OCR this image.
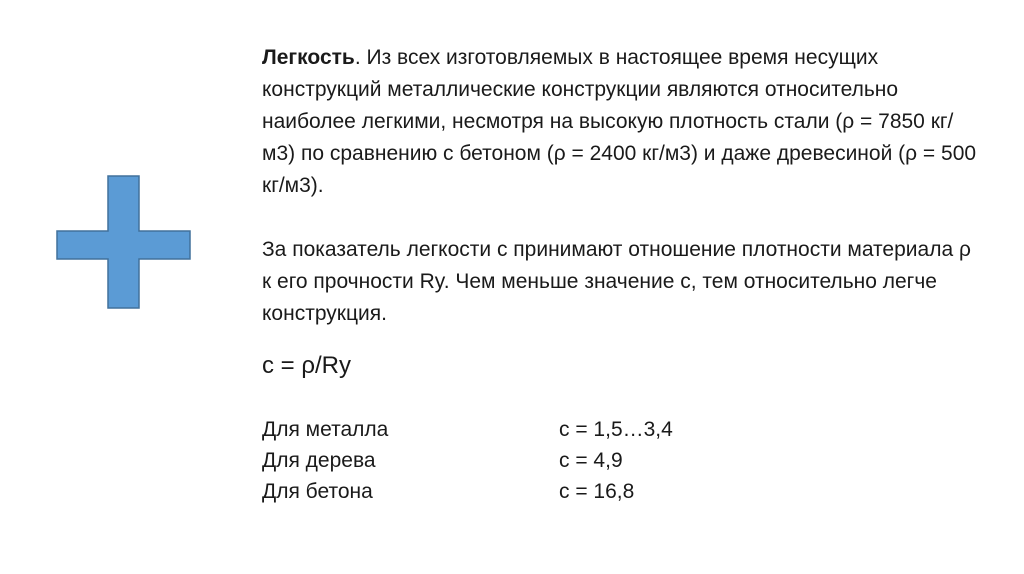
Легкость. Из всех изготовляемых в настоящее время несущих конструкций металлические конструкции являются относительно наиболее легкими, несмотря на высокую плотность стали (ρ = 7850 кг/м3) по сравнению с бетоном (ρ = 2400 кг/м3) и даже древесиной (ρ = 500 кг/м3).

За показатель легкости с принимают отношение плотности материала ρ к его прочности Ry. Чем меньше значение с, тем относительно легче конструкция.

c = ρ/Ry
Для металла	c = 1,5…3,4
Для дерева	c = 4,9
Для бетона	c = 16,8
